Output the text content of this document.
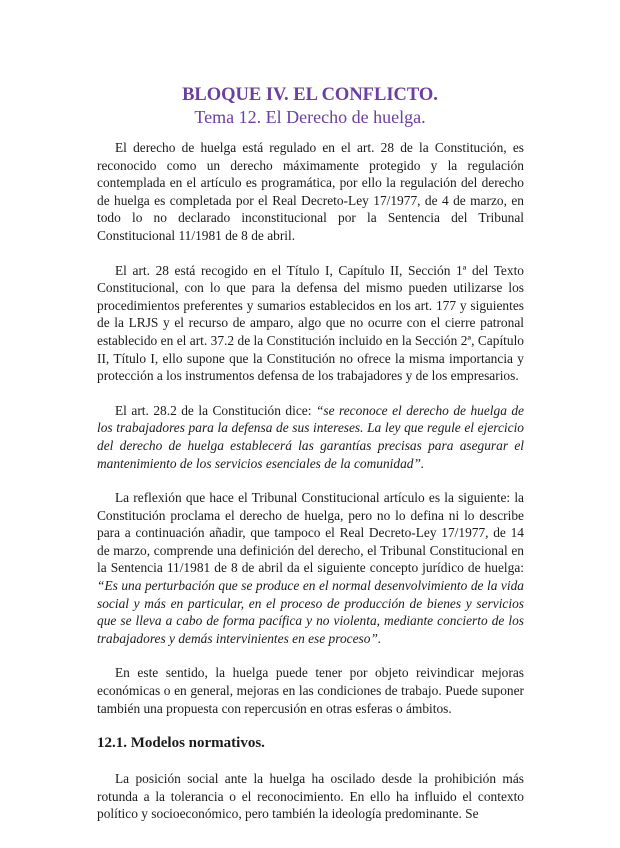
BLOQUE IV. EL CONFLICTO.
Tema 12. El Derecho de huelga.

El derecho de huelga está regulado en el art. 28 de la Constitución, es reconocido como un derecho máximamente protegido y la regulación contemplada en el artículo es programática, por ello la regulación del derecho de huelga es completada por el Real Decreto-Ley 17/1977, de 4 de marzo, en todo lo no declarado inconstitucional por la Sentencia del Tribunal Constitucional 11/1981 de 8 de abril.

El art. 28 está recogido en el Título I, Capítulo II, Sección 1ª del Texto Constitucional, con lo que para la defensa del mismo pueden utilizarse los procedimientos preferentes y sumarios establecidos en los art. 177 y siguientes de la LRJS y el recurso de amparo, algo que no ocurre con el cierre patronal establecido en el art. 37.2 de la Constitución incluido en la Sección 2ª, Capítulo II, Título I, ello supone que la Constitución no ofrece la misma importancia y protección a los instrumentos defensa de los trabajadores y de los empresarios.

El art. 28.2 de la Constitución dice: “se reconoce el derecho de huelga de los trabajadores para la defensa de sus intereses. La ley que regule el ejercicio del derecho de huelga establecerá las garantías precisas para asegurar el mantenimiento de los servicios esenciales de la comunidad”.

La reflexión que hace el Tribunal Constitucional artículo es la siguiente: la Constitución proclama el derecho de huelga, pero no lo defina ni lo describe para a continuación añadir, que tampoco el Real Decreto-Ley 17/1977, de 14 de marzo, comprende una definición del derecho, el Tribunal Constitucional en la Sentencia 11/1981 de 8 de abril da el siguiente concepto jurídico de huelga: “Es una perturbación que se produce en el normal desenvolvimiento de la vida social y más en particular, en el proceso de producción de bienes y servicios que se lleva a cabo de forma pacífica y no violenta, mediante concierto de los trabajadores y demás intervinientes en ese proceso”.

En este sentido, la huelga puede tener por objeto reivindicar mejoras económicas o en general, mejoras en las condiciones de trabajo. Puede suponer también una propuesta con repercusión en otras esferas o ámbitos.

12.1. Modelos normativos.

La posición social ante la huelga ha oscilado desde la prohibición más rotunda a la tolerancia o el reconocimiento. En ello ha influido el contexto político y socioeconómico, pero también la ideología predominante. Se
